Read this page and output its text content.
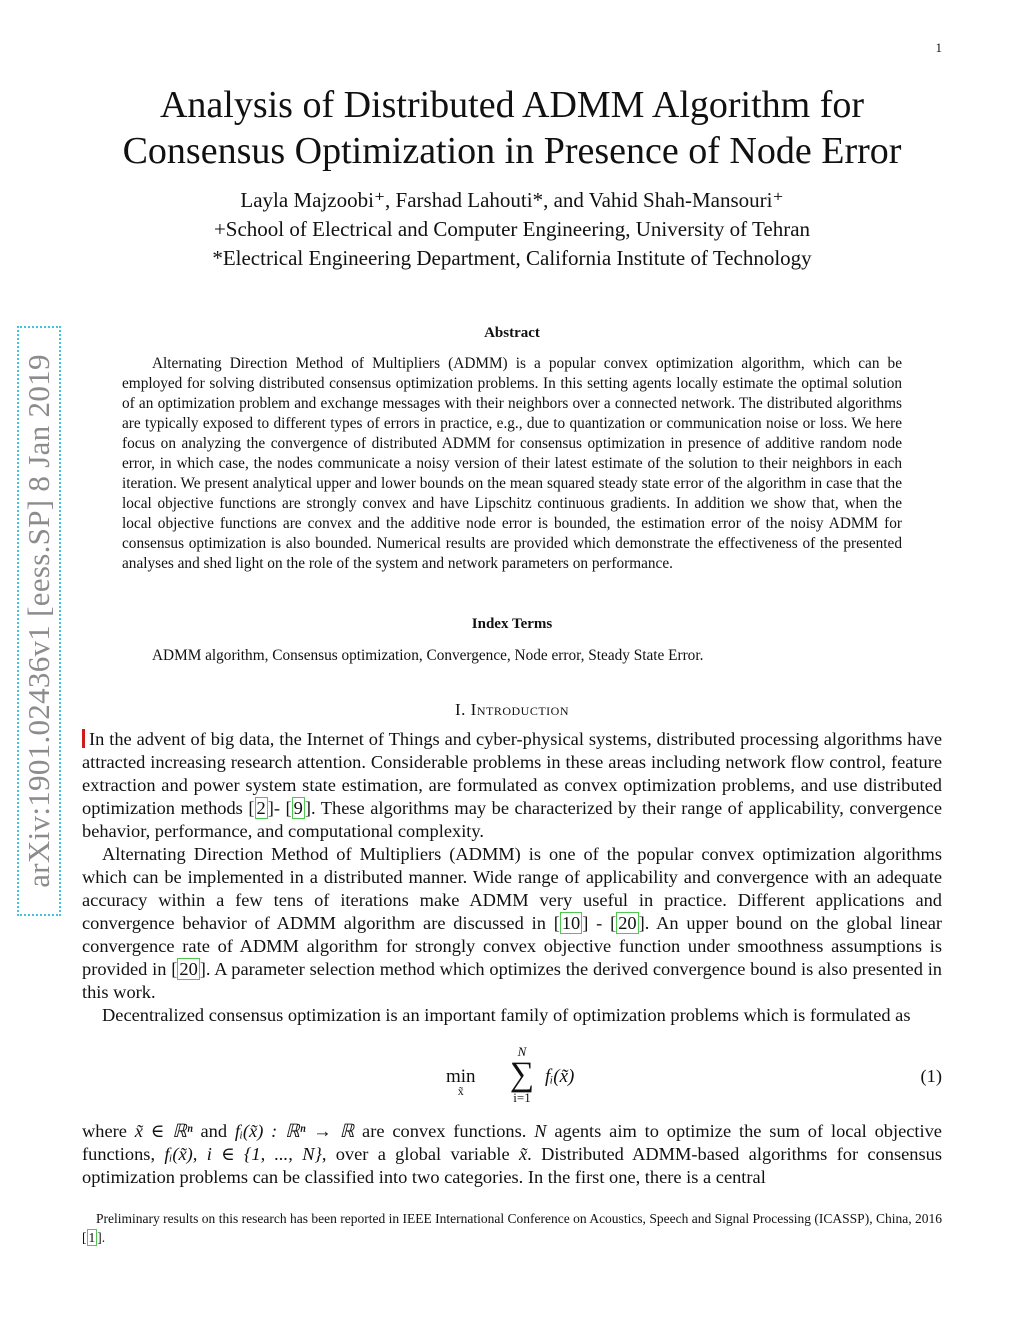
1
arXiv:1901.02436v1 [eess.SP] 8 Jan 2019
Analysis of Distributed ADMM Algorithm for
Consensus Optimization in Presence of Node Error
Layla Majzoobi⁺, Farshad Lahouti*, and Vahid Shah-Mansouri⁺
+School of Electrical and Computer Engineering, University of Tehran
*Electrical Engineering Department, California Institute of Technology
Abstract
Alternating Direction Method of Multipliers (ADMM) is a popular convex optimization algorithm, which can be employed for solving distributed consensus optimization problems. In this setting agents locally estimate the optimal solution of an optimization problem and exchange messages with their neighbors over a connected network. The distributed algorithms are typically exposed to different types of errors in practice, e.g., due to quantization or communication noise or loss. We here focus on analyzing the convergence of distributed ADMM for consensus optimization in presence of additive random node error, in which case, the nodes communicate a noisy version of their latest estimate of the solution to their neighbors in each iteration. We present analytical upper and lower bounds on the mean squared steady state error of the algorithm in case that the local objective functions are strongly convex and have Lipschitz continuous gradients. In addition we show that, when the local objective functions are convex and the additive node error is bounded, the estimation error of the noisy ADMM for consensus optimization is also bounded. Numerical results are provided which demonstrate the effectiveness of the presented analyses and shed light on the role of the system and network parameters on performance.
Index Terms
ADMM algorithm, Consensus optimization, Convergence, Node error, Steady State Error.
I. Introduction

In the advent of big data, the Internet of Things and cyber-physical systems, distributed processing algorithms have attracted increasing research attention. Considerable problems in these areas including network flow control, feature extraction and power system state estimation, are formulated as convex optimization problems, and use distributed optimization methods [ 2 ]- [ 9 ]. These algorithms may be characterized by their range of applicability, convergence behavior, performance, and computational complexity.

Alternating Direction Method of Multipliers (ADMM) is one of the popular convex optimization algorithms which can be implemented in a distributed manner. Wide range of applicability and convergence with an adequate accuracy within a few tens of iterations make ADMM very useful in practice. Different applications and convergence behavior of ADMM algorithm are discussed in [ 10 ] - [ 20 ]. An upper bound on the global linear convergence rate of ADMM algorithm for strongly convex objective function under smoothness assumptions is provided in [ 20 ]. A parameter selection method which optimizes the derived convergence bound is also presented in this work.

Decentralized consensus optimization is an important family of optimization problems which is formulated as

min
x̃
N
∑
i=1
fᵢ(x̃)	(1)

where x̃ ∈ ℝⁿ and fᵢ(x̃) : ℝⁿ → ℝ are convex functions. N agents aim to optimize the sum of local objective functions, fᵢ(x̃), i ∈ {1, ..., N}, over a global variable x̃. Distributed ADMM-based algorithms for consensus optimization problems can be classified into two categories. In the first one, there is a central

Preliminary results on this research has been reported in IEEE International Conference on Acoustics, Speech and Signal Processing (ICASSP), China, 2016 [ 1 ].
